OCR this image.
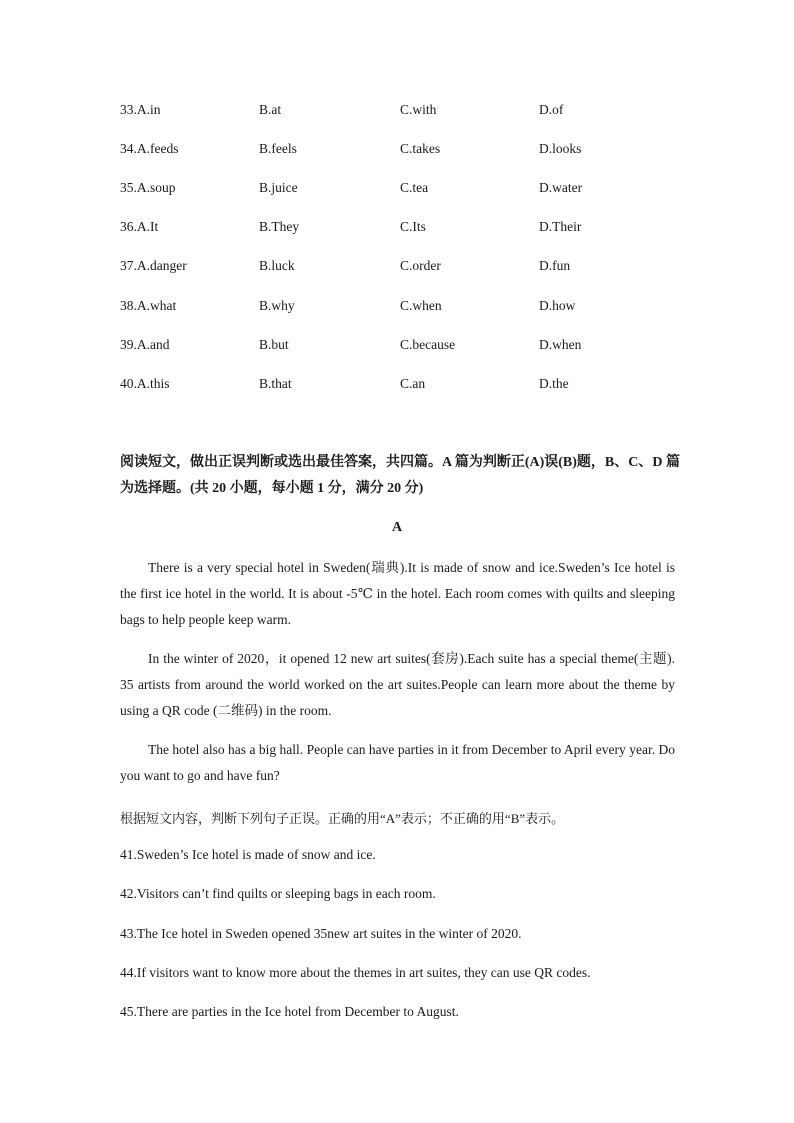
33.A.in	B.at	C.with	D.of
34.A.feeds	B.feels	C.takes	D.looks
35.A.soup	B.juice	C.tea	D.water
36.A.It	B.They	C.Its	D.Their
37.A.danger	B.luck	C.order	D.fun
38.A.what	B.why	C.when	D.how
39.A.and	B.but	C.because	D.when
40.A.this	B.that	C.an	D.the
阅读短文，做出正误判断或选出最佳答案，共四篇。A 篇为判断正(A)误(B)题，B、C、D 篇为选择题。(共 20 小题，每小题 1 分，满分 20 分)
A
There is a very special hotel in Sweden(瑞典).It is made of snow and ice.Sweden’s Ice hotel is the first ice hotel in the world. It is about -5℃ in the hotel. Each room comes with quilts and sleeping bags to help people keep warm.
In the winter of 2020，it opened 12 new art suites(套房).Each suite has a special theme(主题). 35 artists from around the world worked on the art suites.People can learn more about the theme by using a QR code (二维码) in the room.
The hotel also has a big hall. People can have parties in it from December to April every year. Do you want to go and have fun?
根据短文内容，判断下列句子正误。正确的用“A”表示；不正确的用“B”表示。
41.Sweden’s Ice hotel is made of snow and ice.
42.Visitors can’t find quilts or sleeping bags in each room.
43.The Ice hotel in Sweden opened 35new art suites in the winter of 2020.
44.If visitors want to know more about the themes in art suites, they can use QR codes.
45.There are parties in the Ice hotel from December to August.
